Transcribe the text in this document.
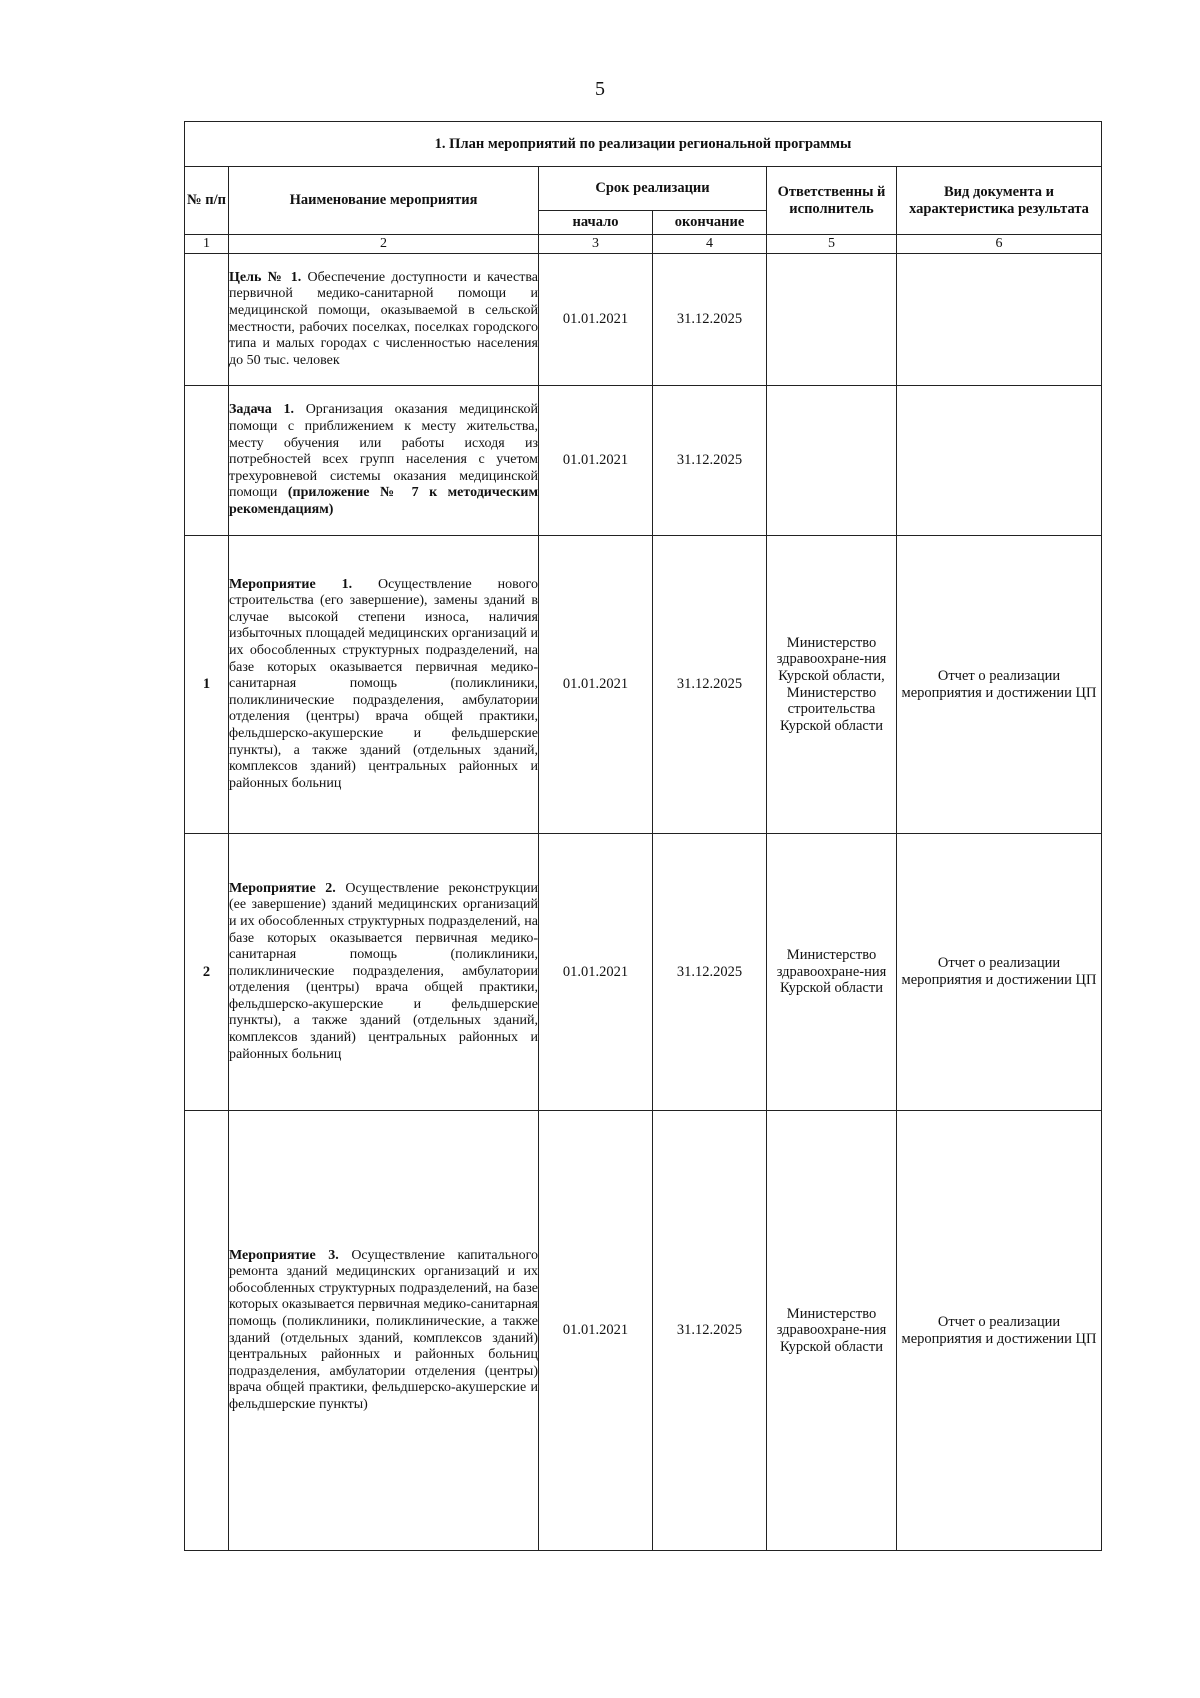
5
1. План мероприятий по реализации региональной программы					
№ п/п	Наименование мероприятия	Срок реализации		Ответственны й исполнитель	Вид документа и характеристика результата
		начало	окончание		
1	2	3	4	5	6
	Цель № 1. Обеспечение доступности и качества первичной медико-санитарной помощи и медицинской помощи, оказываемой в сельской местности, рабочих поселках, поселках городского типа и малых городах с численностью населения до 50 тыс. человек	01.01.2021	31.12.2025		
	Задача 1. Организация оказания медицинской помощи с приближением к месту жительства, месту обучения или работы исходя из потребностей всех групп населения с учетом трехуровневой системы оказания медицинской помощи (приложение № 7 к методическим рекомендациям)	01.01.2021	31.12.2025		
1	Мероприятие 1. Осуществление нового строительства (его завершение), замены зданий в случае высокой степени износа, наличия избыточных площадей медицинских организаций и их обособленных структурных подразделений, на базе которых оказывается первичная медико-санитарная помощь (поликлиники, поликлинические подразделения, амбулатории отделения (центры) врача общей практики, фельдшерско-акушерские и фельдшерские пункты), а также зданий (отдельных зданий, комплексов зданий) центральных районных и районных больниц	01.01.2021	31.12.2025	Министерство здравоохране-ния Курской области, Министерство строительства Курской области	Отчет о реализации мероприятия и достижении ЦП
2	Мероприятие 2. Осуществление реконструкции (ее завершение) зданий медицинских организаций и их обособленных структурных подразделений, на базе которых оказывается первичная медико-санитарная помощь (поликлиники, поликлинические подразделения, амбулатории отделения (центры) врача общей практики, фельдшерско-акушерские и фельдшерские пункты), а также зданий (отдельных зданий, комплексов зданий) центральных районных и районных больниц	01.01.2021	31.12.2025	Министерство здравоохране-ния Курской области	Отчет о реализации мероприятия и достижении ЦП
	Мероприятие 3. Осуществление капитального ремонта зданий медицинских организаций и их обособленных структурных подразделений, на базе которых оказывается первичная медико-санитарная помощь (поликлиники, поликлинические, а также зданий (отдельных зданий, комплексов зданий) центральных районных и районных больниц подразделения, амбулатории отделения (центры) врача общей практики, фельдшерско-акушерские и фельдшерские пункты)	01.01.2021	31.12.2025	Министерство здравоохране-ния Курской области	Отчет о реализации мероприятия и достижении ЦП
